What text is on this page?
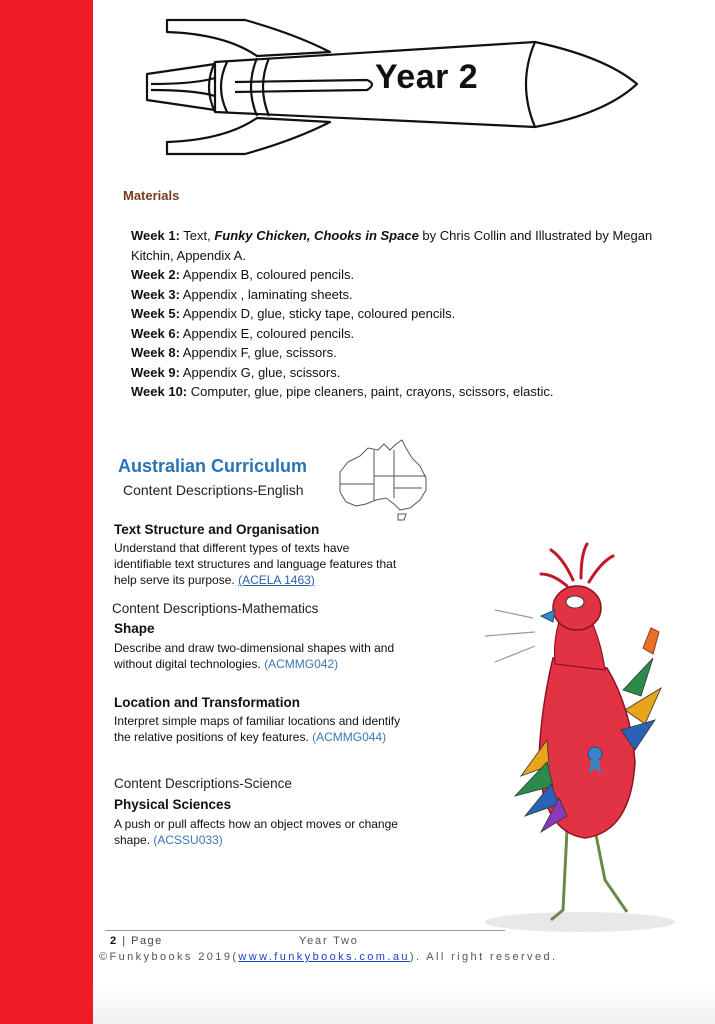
Year 2
Materials
Week 1: Text, Funky Chicken, Chooks in Space by Chris Collin and Illustrated by Megan Kitchin, Appendix A.
Week 2: Appendix B, coloured pencils.
Week 3: Appendix , laminating sheets.
Week 5: Appendix D, glue, sticky tape, coloured pencils.
Week 6: Appendix E, coloured pencils.
Week 8: Appendix F, glue, scissors.
Week 9: Appendix G, glue, scissors.
Week 10: Computer, glue, pipe cleaners, paint, crayons, scissors, elastic.
Australian Curriculum
Content Descriptions-English
Text Structure and Organisation
Understand that different types of texts have identifiable text structures and language features that help serve its purpose. (ACELA 1463)
Content Descriptions-Mathematics
Shape
Describe and draw two-dimensional shapes with and without digital technologies. (ACMMG042)
Location and Transformation
Interpret simple maps of familiar locations and identify the relative positions of key features. (ACMMG044)
Content Descriptions-Science
Physical Sciences
A push or pull affects how an object moves or change shape. (ACSSU033)
2 | Page	Year Two
©Funkybooks 2019(www.funkybooks.com.au). All right reserved.
